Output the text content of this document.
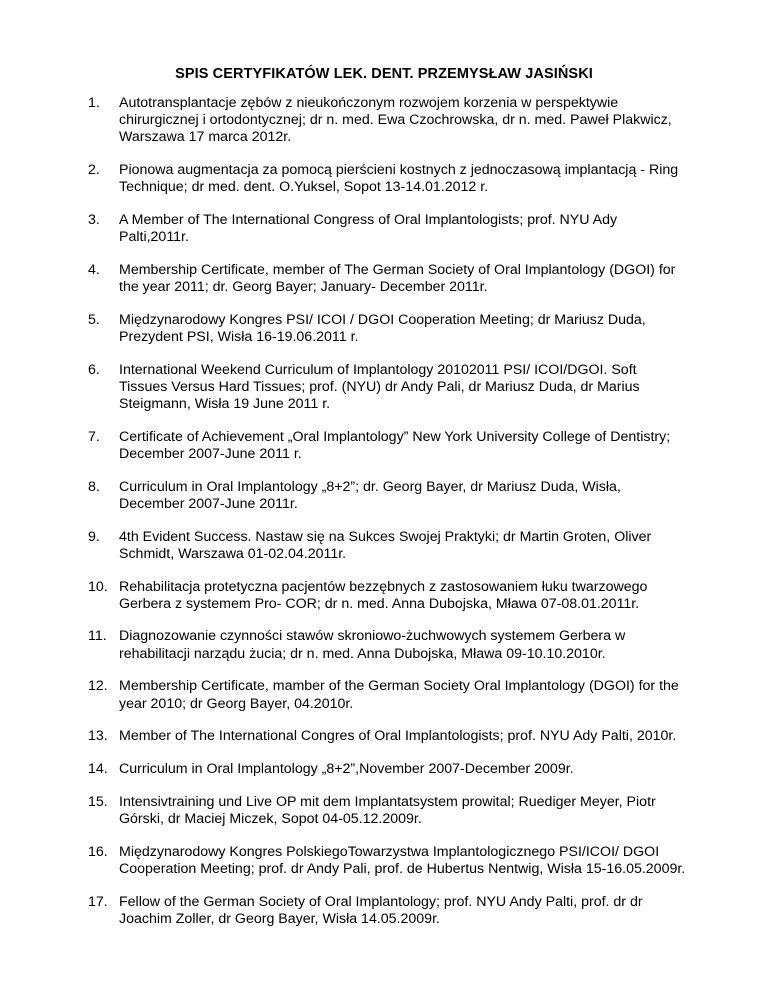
SPIS CERTYFIKATÓW LEK. DENT. PRZEMYSŁAW JASIŃSKI
1. Autotransplantacje zębów z nieukończonym rozwojem korzenia w perspektywie chirurgicznej i ortodontycznej; dr n. med. Ewa Czochrowska, dr n. med. Paweł Plakwicz, Warszawa 17 marca 2012r.
2. Pionowa augmentacja za pomocą pierścieni kostnych z jednoczasową implantacją - Ring Technique; dr med. dent. O.Yuksel, Sopot 13-14.01.2012 r.
3. A Member of The International Congress of Oral Implantologists; prof. NYU Ady Palti,2011r.
4. Membership Certificate, member of The German Society of Oral Implantology (DGOI) for the year 2011; dr. Georg Bayer; January- December 2011r.
5. Międzynarodowy Kongres PSI/ ICOI / DGOI Cooperation Meeting; dr Mariusz Duda, Prezydent PSI, Wisła 16-19.06.2011 r.
6. International Weekend Curriculum of Implantology 20102011 PSI/ ICOI/DGOI. Soft Tissues Versus Hard Tissues; prof. (NYU) dr Andy Pali, dr Mariusz Duda, dr Marius Steigmann, Wisła 19 June 2011 r.
7. Certificate of Achievement „Oral Implantology” New York University College of Dentistry; December 2007-June 2011 r.
8. Curriculum in Oral Implantology „8+2”; dr. Georg Bayer, dr Mariusz Duda, Wisła, December 2007-June 2011r.
9. 4th Evident Success. Nastaw się na Sukces Swojej Praktyki; dr Martin Groten, Oliver Schmidt, Warszawa 01-02.04.2011r.
10. Rehabilitacja protetyczna pacjentów bezzębnych z zastosowaniem łuku twarzowego Gerbera z systemem Pro- COR; dr n. med. Anna Dubojska, Mława 07-08.01.2011r.
11. Diagnozowanie czynności stawów skroniowo-żuchwowych systemem Gerbera w rehabilitacji narządu żucia; dr n. med. Anna Dubojska, Mława 09-10.10.2010r.
12. Membership Certificate, mamber of the German Society Oral Implantology (DGOI) for the year 2010; dr Georg Bayer, 04.2010r.
13. Member of The International Congres of Oral Implantologists; prof. NYU Ady Palti, 2010r.
14. Curriculum in Oral Implantology „8+2”,November 2007-December 2009r.
15. Intensivtraining und Live OP mit dem Implantatsystem prowital; Ruediger Meyer, Piotr Górski, dr Maciej Miczek, Sopot 04-05.12.2009r.
16. Międzynarodowy Kongres PolskiegoTowarzystwa Implantologicznego PSI/ICOI/ DGOI Cooperation Meeting; prof. dr Andy Pali, prof. de Hubertus Nentwig, Wisła 15-16.05.2009r.
17. Fellow of the German Society of Oral Implantology; prof. NYU Andy Palti, prof. dr dr Joachim Zoller, dr Georg Bayer, Wisła 14.05.2009r.
